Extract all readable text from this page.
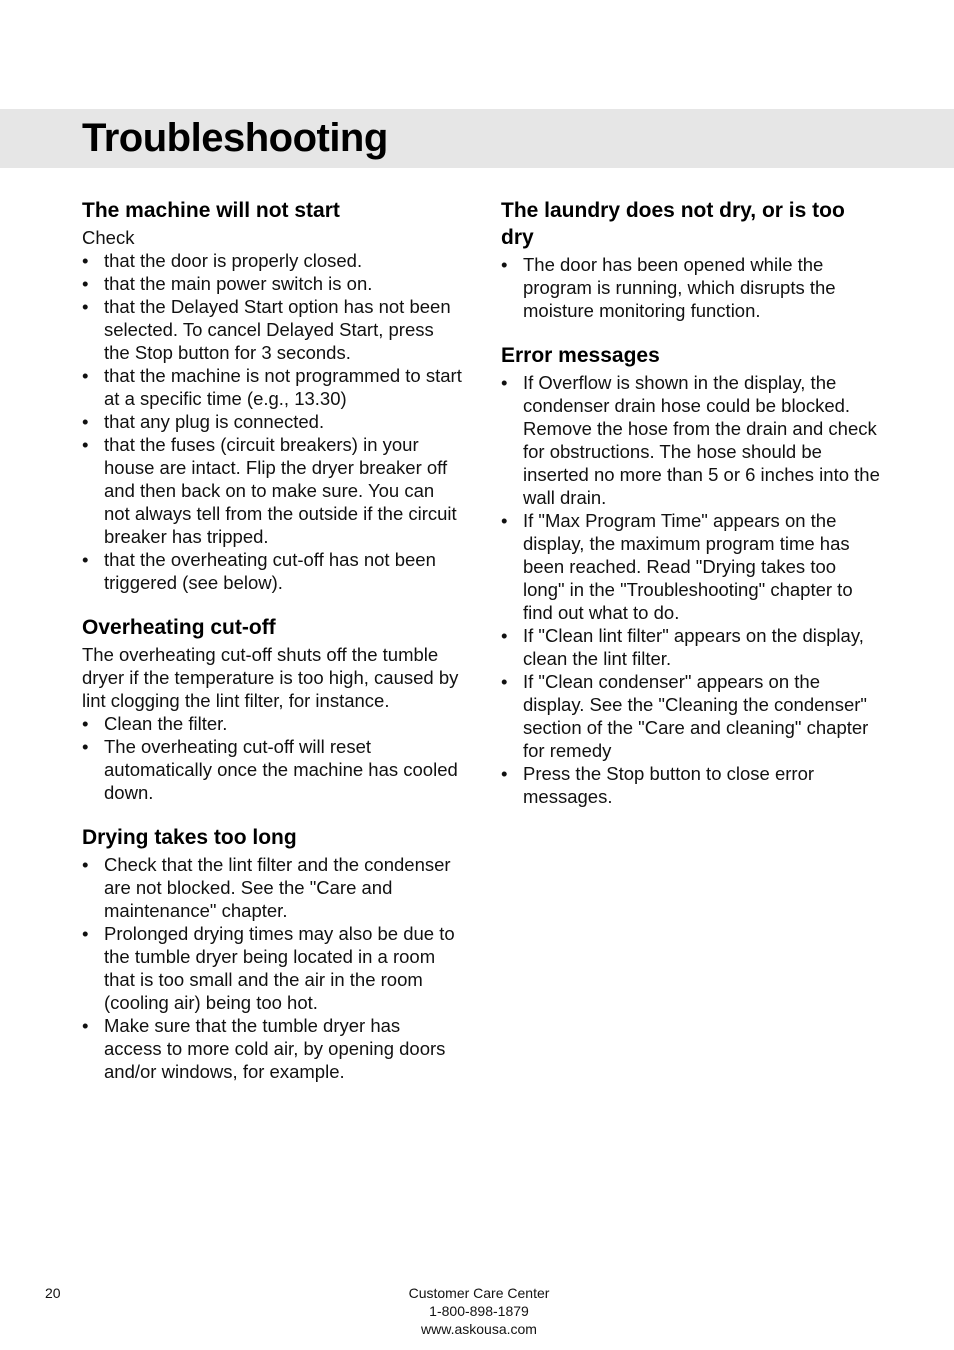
Troubleshooting
The machine will not start

Check

• that the door is properly closed.
• that the main power switch is on.
• that the Delayed Start option has not been selected. To cancel Delayed Start, press the Stop button for 3 seconds.
• that the machine is not programmed to start at a specific time (e.g., 13.30)
• that any plug is connected.
• that the fuses (circuit breakers) in your house are intact. Flip the dryer breaker off and then back on to make sure. You can not always tell from the outside if the circuit breaker has tripped.
• that the overheating cut-off has not been triggered (see below).
Overheating cut-off

The overheating cut-off shuts off the tumble dryer if the temperature is too high, caused by lint clogging the lint filter, for instance.

• Clean the filter.
• The overheating cut-off will reset automatically once the machine has cooled down.
Drying takes too long
• Check that the lint filter and the condenser are not blocked. See the "Care and maintenance" chapter.
• Prolonged drying times may also be due to the tumble dryer being located in a room that is too small and the air in the room (cooling air) being too hot.
• Make sure that the tumble dryer has access to more cold air, by opening doors and/or windows, for example.
The laundry does not dry, or is too dry
• The door has been opened while the program is running, which disrupts the moisture monitoring function.
Error messages
• If Overflow is shown in the display, the condenser drain hose could be blocked. Remove the hose from the drain and check for obstructions. The hose should be inserted no more than 5 or 6 inches into the wall drain.
• If "Max Program Time" appears on the display, the maximum program time has been reached. Read "Drying takes too long" in the "Troubleshooting" chapter to find out what to do.
• If "Clean lint filter" appears on the display, clean the lint filter.
• If "Clean condenser" appears on the display. See the "Cleaning the condenser" section of the "Care and cleaning" chapter for remedy
• Press the Stop button to close error messages.
20	Customer Care Center
1-800-898-1879
www.askousa.com
